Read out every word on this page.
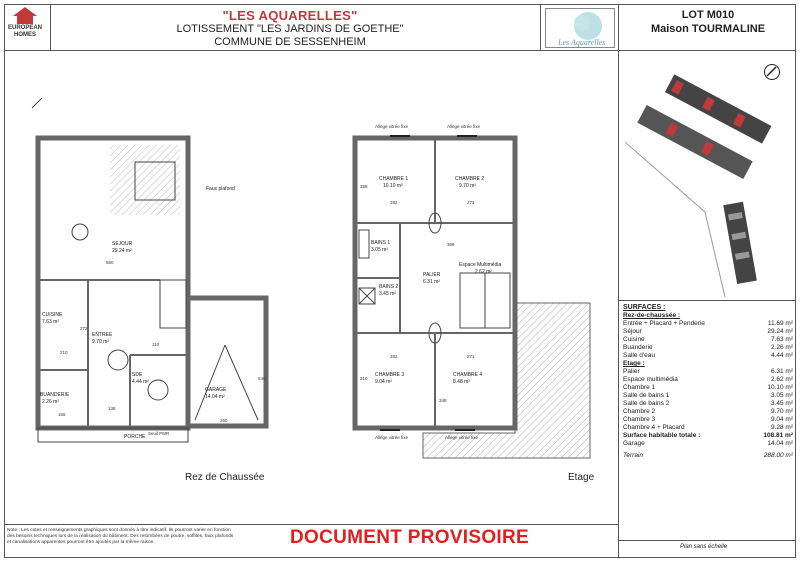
EUROPEAN HOMES
"LES AQUARELLES"
LOTISSEMENT "LES JARDINS DE GOETHE"
COMMUNE DE SESSENHEIM	Les Aquarelles
LOT M010
Maison TOURMALINE
SEJOUR
29.24 m²
Faux plafond
CUISINE
7.63 m²
ENTREE
9.70 m²
BUANDERIE
2.26 m²
SDE
4.44 m²
GARAGE
14.04 m²
PORCHE
Seuil PMR
560
210
260
540
155
138
272
110
Rez de Chaussée
Allège vitrée fixe	Allège vitrée fixe
Allège vitrée fixe	Allège vitrée fixe
CHAMBRE 1
10.10 m²
CHAMBRE 2
9.70 m²
BAINS 1
3.05 m²
BAINS 2
3.45 m²
PALIER
6.31 m²
Espace Multimédia
2.62 m²
CHAMBRE 3
9.04 m²
CHAMBRE 4
8.48 m²
282	271
368
358
282	271
310
348
Etage
SURFACES :
Rez-de-chaussée :
Entrée + Placard + Penderie	11.69 m²
Séjour	29.24 m²
Cuisine	7.63 m²
Buanderie	2.26 m²
Salle d'eau	4.44 m²
Etage :
Palier	6.31 m²
Espace multimédia	2.62 m²
Chambre 1	10.10 m²
Salle de bains 1	3.05 m²
Salle de bains 2	3.45 m²
Chambre 2	9.70 m²
Chambre 3	9.04 m²
Chambre 4 + Placard	9.28 m²
Surface habitable totale :	108.81 m²
Garage	14.04 m²
Terrain	288.00 m²
Note : Les cotes et renseignements graphiques sont donnés à titre indicatif. Ils pourront varier en fonction des besoins techniques lors de la réalisation du bâtiment. Des retombées de poutre, soffites, faux plafonds et canalisations apparentes pourront être ajoutés par la même raison.	DOCUMENT PROVISOIRE	Plan sans échelle
